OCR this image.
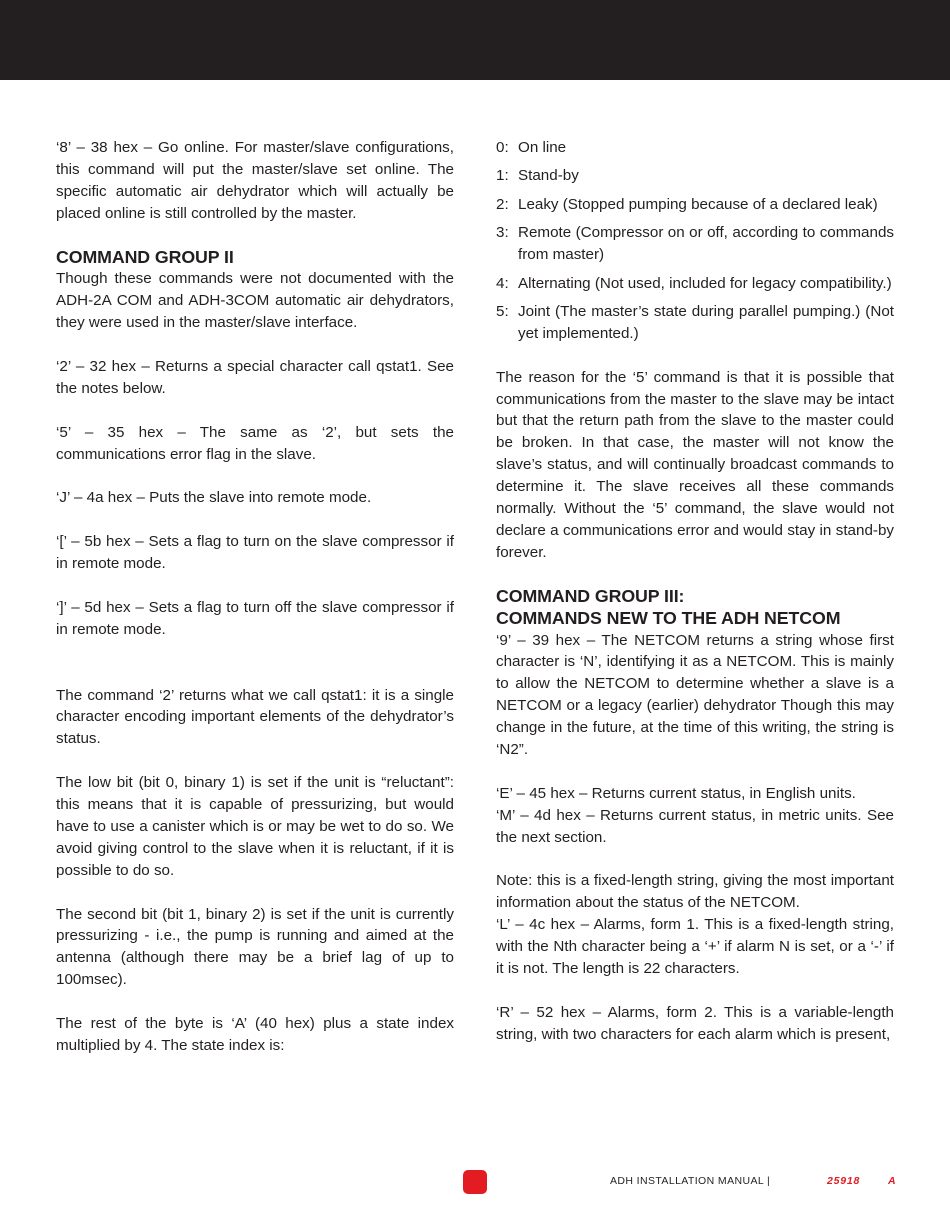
‘8’ – 38 hex – Go online. For master/slave configurations, this command will put the master/slave set online. The specific automatic air dehydrator which will actually be placed online is still controlled by the master.

COMMAND GROUP II

Though these commands were not documented with the ADH-2A COM and ADH-3COM automatic air dehydrators, they were used in the master/slave interface.

‘2’ – 32 hex – Returns a special character call qstat1. See the notes below.

‘5’ – 35 hex – The same as ‘2’, but sets the communications error flag in the slave.

‘J’ – 4a hex – Puts the slave into remote mode.

‘[’ – 5b hex – Sets a flag to turn on the slave compressor if in remote mode.

‘]’ – 5d hex – Sets a flag to turn off the slave compressor if in remote mode.

The command ‘2’ returns what we call qstat1: it is a single character encoding important elements of the dehydrator’s status.

The low bit (bit 0, binary 1) is set if the unit is “reluctant”: this means that it is capable of pressurizing, but would have to use a canister which is or may be wet to do so. We avoid giving control to the slave when it is reluctant, if it is possible to do so.

The second bit (bit 1, binary 2) is set if the unit is currently pressurizing - i.e., the pump is running and aimed at the antenna (although there may be a brief lag of up to 100msec).

The rest of the byte is ‘A’ (40 hex) plus a state index multiplied by 4. The state index is:

0: On line
1: Stand-by
2: Leaky (Stopped pumping because of a declared leak)
3: Remote (Compressor on or off, according to commands from master)
4: Alternating (Not used, included for legacy compatibility.)
5: Joint (The master’s state during parallel pumping.) (Not yet implemented.)

The reason for the ‘5’ command is that it is possible that communications from the master to the slave may be intact but that the return path from the slave to the master could be broken. In that case, the master will not know the slave’s status, and will continually broadcast commands to determine it. The slave receives all these commands normally. Without the ‘5’ command, the slave would not declare a communications error and would stay in stand-by forever.

COMMAND GROUP III:
COMMANDS NEW TO THE ADH NETCOM

‘9’ – 39 hex – The NETCOM returns a string whose first character is ‘N’, identifying it as a NETCOM. This is mainly to allow the NETCOM to determine whether a slave is a NETCOM or a legacy (earlier) dehydrator Though this may change in the future, at the time of this writing, the string is ‘N2”.

‘E’ – 45 hex – Returns current status, in English units.

‘M’ – 4d hex – Returns current status, in metric units. See the next section.

Note: this is a fixed-length string, giving the most important information about the status of the NETCOM.

‘L’ – 4c hex – Alarms, form 1. This is a fixed-length string, with the Nth character being a ‘+’ if alarm N is set, or a ‘-’ if it is not. The length is 22 characters.

‘R’ – 52 hex – Alarms, form 2. This is a variable-length string, with two characters for each alarm which is present,

ADH INSTALLATION MANUAL |	25918	A
